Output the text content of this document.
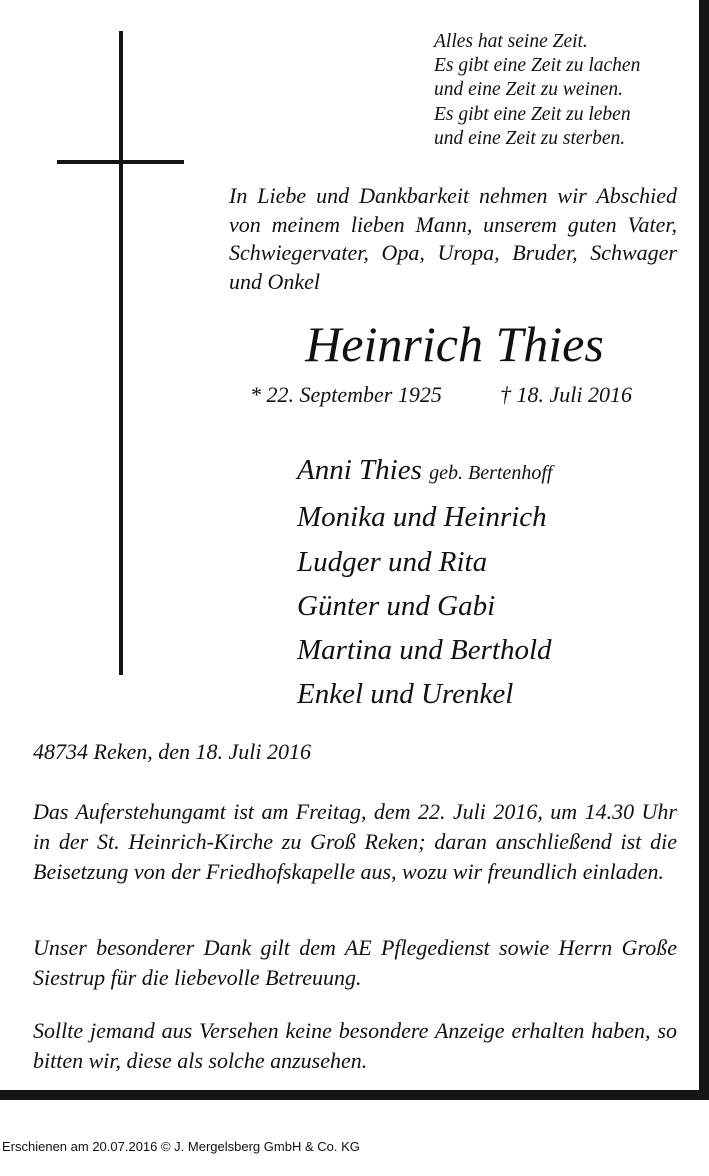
Alles hat seine Zeit.
Es gibt eine Zeit zu lachen
und eine Zeit zu weinen.
Es gibt eine Zeit zu leben
und eine Zeit zu sterben.
In Liebe und Dankbarkeit nehmen wir Abschied von meinem lieben Mann, unserem guten Vater, Schwiegervater, Opa, Uropa, Bruder, Schwager und Onkel
Heinrich Thies
* 22. September 1925	† 18. Juli 2016
Anni Thies geb. Bertenhoff
Monika und Heinrich
Ludger und Rita
Günter und Gabi
Martina und Berthold
Enkel und Urenkel
48734 Reken, den 18. Juli 2016
Das Auferstehungamt ist am Freitag, dem 22. Juli 2016, um 14.30 Uhr in der St. Heinrich-Kirche zu Groß Reken; daran anschließend ist die Beisetzung von der Friedhofskapelle aus, wozu wir freundlich einladen.
Unser besonderer Dank gilt dem AE Pflegedienst sowie Herrn Große Siestrup für die liebevolle Betreuung.
Sollte jemand aus Versehen keine besondere Anzeige erhalten haben, so bitten wir, diese als solche anzusehen.
Erschienen am 20.07.2016 © J. Mergelsberg GmbH & Co. KG
